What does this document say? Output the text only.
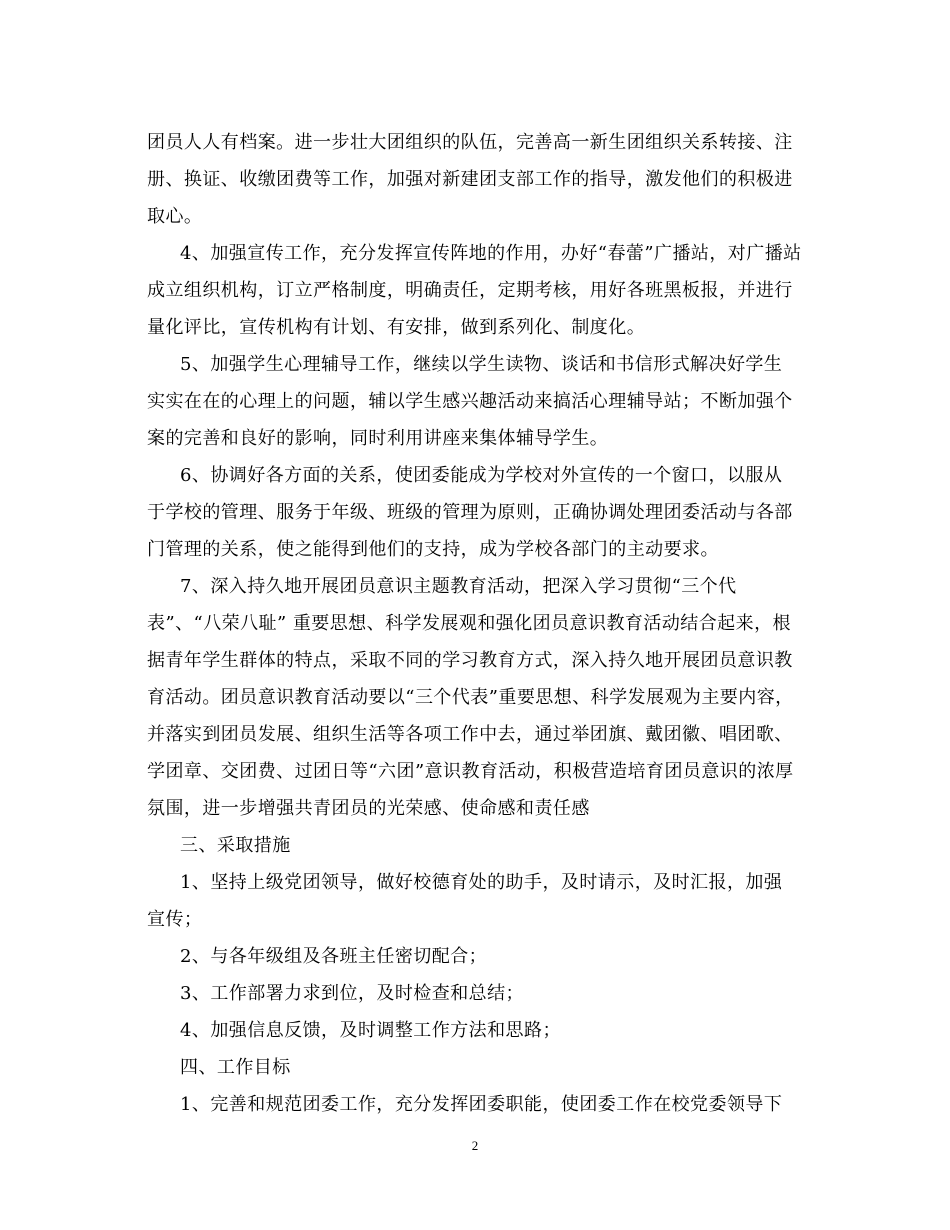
团员人人有档案。进一步壮大团组织的队伍，完善高一新生团组织关系转接、注
册、换证、收缴团费等工作，加强对新建团支部工作的指导，激发他们的积极进
取心。
4、加强宣传工作，充分发挥宣传阵地的作用，办好“春蕾”广播站，对广播站
成立组织机构，订立严格制度，明确责任，定期考核，用好各班黑板报，并进行
量化评比，宣传机构有计划、有安排，做到系列化、制度化。
5、加强学生心理辅导工作，继续以学生读物、谈话和书信形式解决好学生
实实在在的心理上的问题，辅以学生感兴趣活动来搞活心理辅导站；不断加强个
案的完善和良好的影响，同时利用讲座来集体辅导学生。
6、协调好各方面的关系，使团委能成为学校对外宣传的一个窗口，以服从
于学校的管理、服务于年级、班级的管理为原则，正确协调处理团委活动与各部
门管理的关系，使之能得到他们的支持，成为学校各部门的主动要求。
7、深入持久地开展团员意识主题教育活动，把深入学习贯彻“三个代
表”、“八荣八耻” 重要思想、科学发展观和强化团员意识教育活动结合起来，根
据青年学生群体的特点，采取不同的学习教育方式，深入持久地开展团员意识教
育活动。团员意识教育活动要以“三个代表”重要思想、科学发展观为主要内容，
并落实到团员发展、组织生活等各项工作中去，通过举团旗、戴团徽、唱团歌、
学团章、交团费、过团日等“六团”意识教育活动，积极营造培育团员意识的浓厚
氛围，进一步增强共青团员的光荣感、使命感和责任感
三、采取措施
1、坚持上级党团领导，做好校德育处的助手，及时请示，及时汇报，加强
宣传；
2、与各年级组及各班主任密切配合；
3、工作部署力求到位，及时检查和总结；
4、加强信息反馈，及时调整工作方法和思路；
四、工作目标
1、完善和规范团委工作，充分发挥团委职能，使团委工作在校党委领导下
2
